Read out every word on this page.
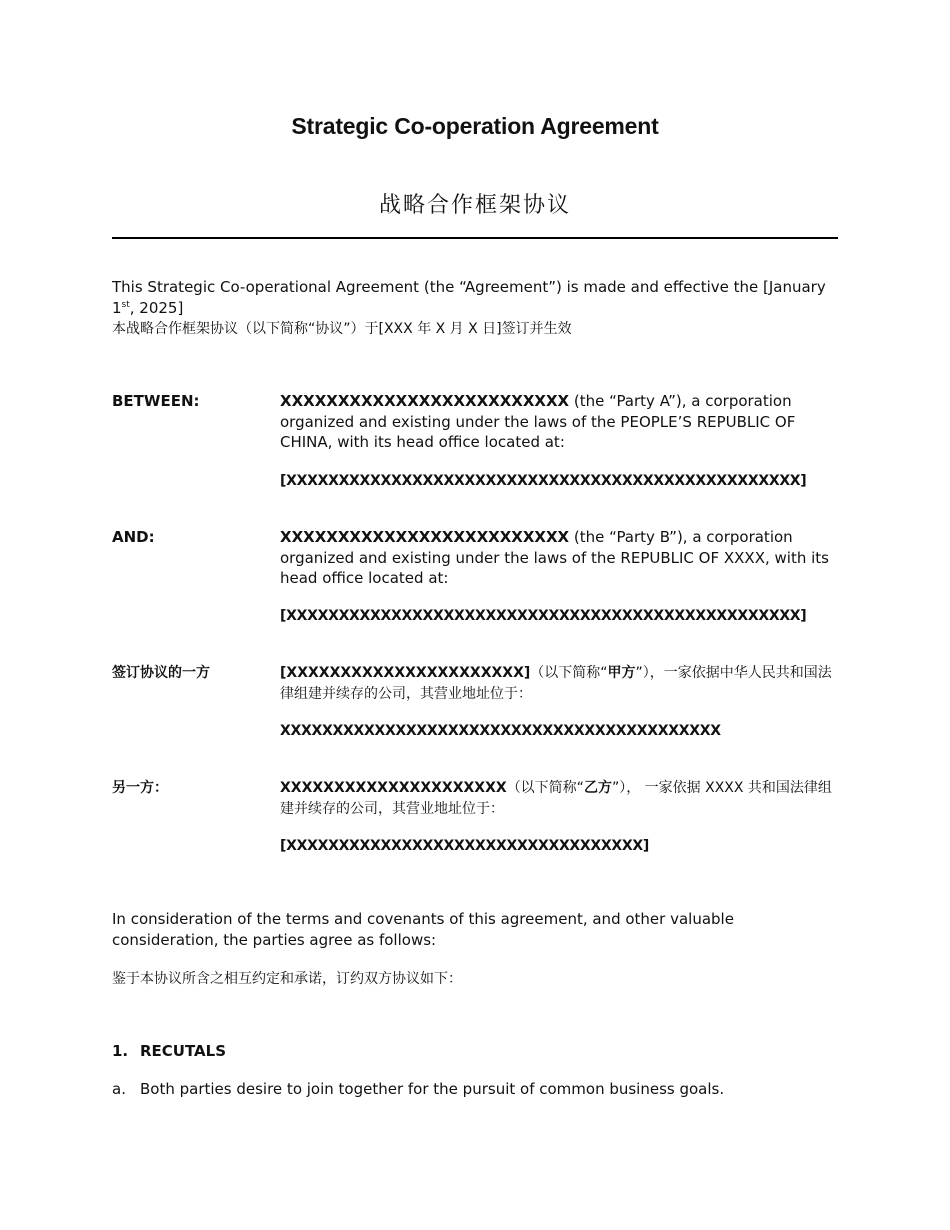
Strategic Co-operation Agreement
战略合作框架协议
This Strategic Co-operational Agreement (the “Agreement”) is made and effective the [January 1st, 2025]
本战略合作框架协议（以下简称“协议”）于[XXX 年 X 月 X 日]签订并生效
BETWEEN:	XXXXXXXXXXXXXXXXXXXXXXXXX (the “Party A”), a corporation organized and existing under the laws of the PEOPLE’S REPUBLIC OF CHINA, with its head office located at:
[XXXXXXXXXXXXXXXXXXXXXXXXXXXXXXXXXXXXXXXXXXXXXXXXX]
AND:	XXXXXXXXXXXXXXXXXXXXXXXXX (the “Party B”), a corporation organized and existing under the laws of the REPUBLIC OF XXXX, with its head office located at:
[XXXXXXXXXXXXXXXXXXXXXXXXXXXXXXXXXXXXXXXXXXXXXXXXX]
签订协议的一方	[XXXXXXXXXXXXXXXXXXXXXX]（以下简称“甲方”），一家依据中华人民共和国法律组建并续存的公司，其营业地址位于：
XXXXXXXXXXXXXXXXXXXXXXXXXXXXXXXXXXXXXXXXXX
另一方：	XXXXXXXXXXXXXXXXXXXXX（以下简称“乙方”）， 一家依据 XXXX 共和国法律组建并续存的公司，其营业地址位于：
[XXXXXXXXXXXXXXXXXXXXXXXXXXXXXXXXXX]
In consideration of the terms and covenants of this agreement, and other valuable consideration, the parties agree as follows:
鉴于本协议所含之相互约定和承诺，订约双方协议如下：
1. RECUTALS
a. Both parties desire to join together for the pursuit of common business goals.
